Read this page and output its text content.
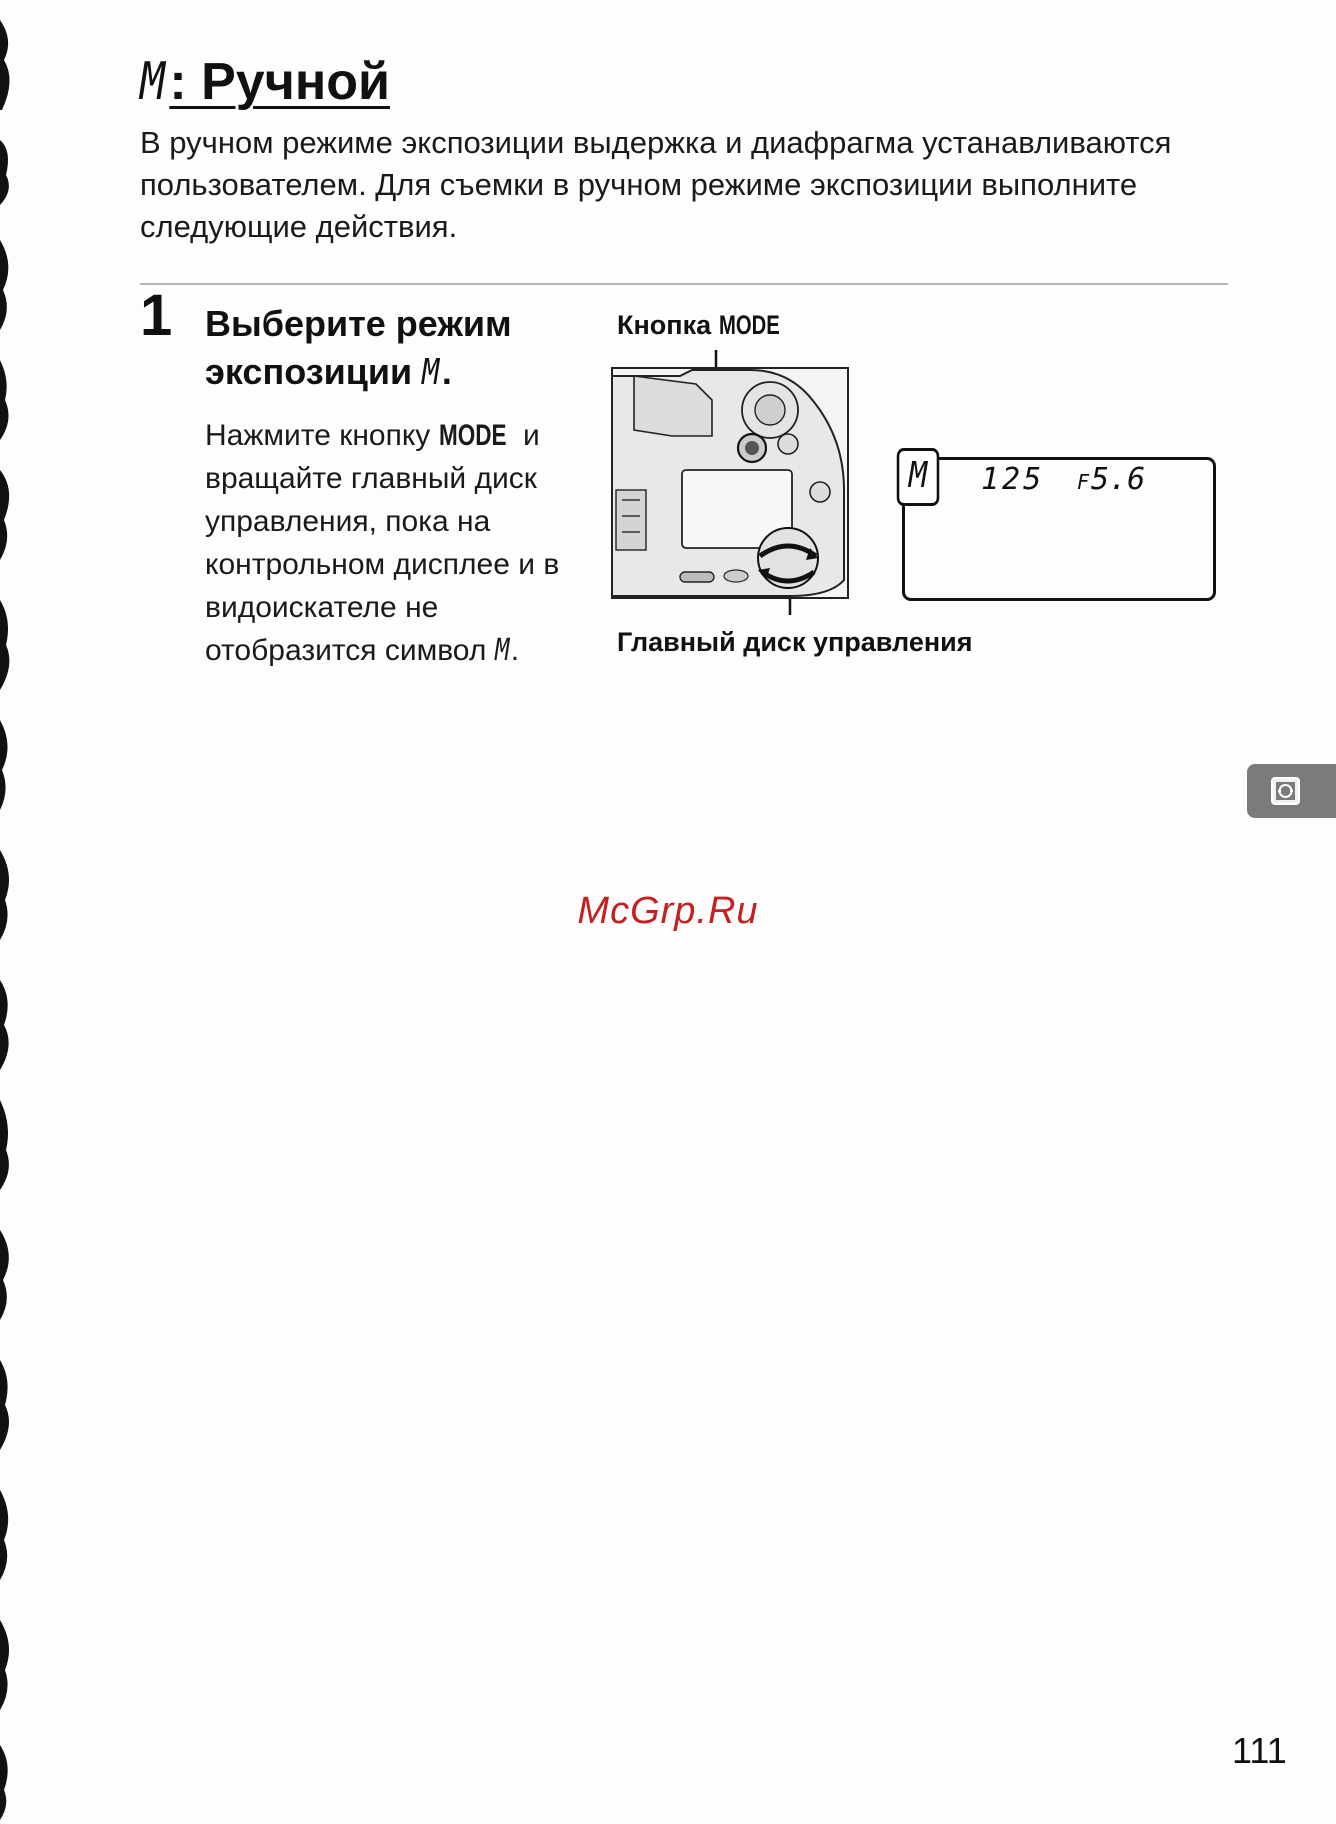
M : Ручной

В ручном режиме экспозиции выдержка и диафрагма устанавливаются пользователем. Для съемки в ручном режиме экспозиции выполните следующие действия.

1 Выберите режим
экспозиции M .

Нажмите кнопку MODE и вращайте главный диск управления, пока на контрольном дисплее и в видоискателе не отобразится символ M .

Кнопка MODE
Главный диск управления
M	125 F 5.6
McGrp.Ru
111
